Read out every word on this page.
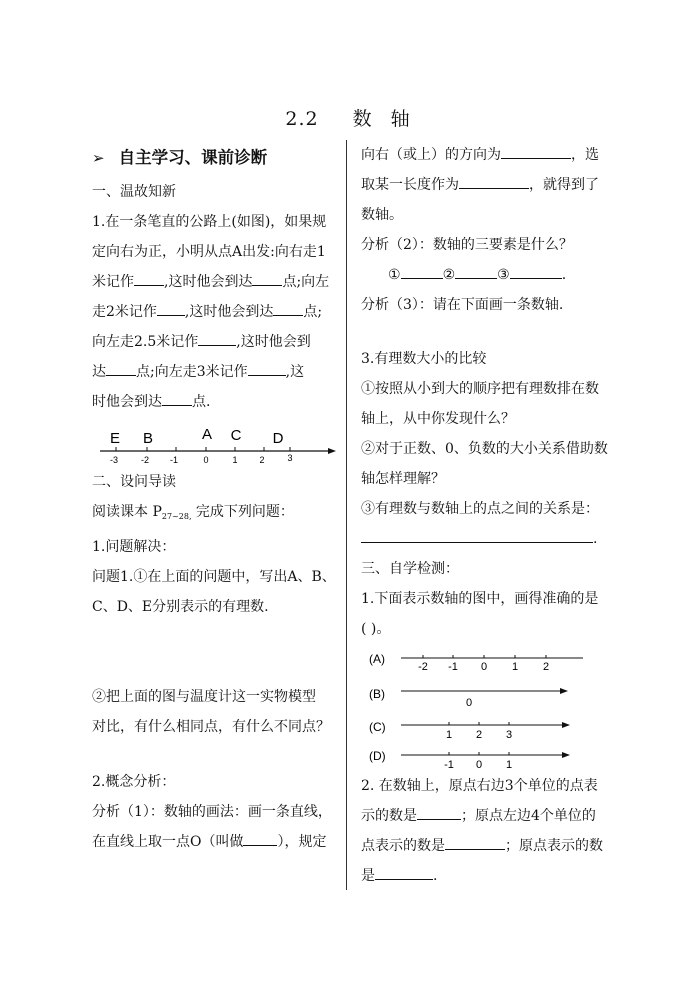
2.2 数 轴
➢ 自主学习、课前诊断
一、温故知新
1.在一条笔直的公路上(如图)，如果规
定向右为正，小明从点A出发:向右走1
米记作 ,这时他会到达 点;向左
走2米记作 ,这时他会到达 点;
向左走2.5米记作	,这时他会到
达 点;向左走3米记作	,这
时他会到达 点.
E B	A C D
-3	-2 -1	0	1 2	3
二、设问导读
阅读课本 $P_{27\sim 28,}$ 完成下列问题：
1.问题解决：
问题1.①在上面的问题中，写出A、B、
C、D、E分别表示的有理数.
②把上面的图与温度计这一实物模型
对比，有什么相同点，有什么不同点？
2.概念分析：
分析（1）：数轴的画法：画一条直线，
在直线上取一点O（叫做 ），规定
向右（或上）的方向为	，选
取某一长度作为	，就得到了
数轴。
分析（2）：数轴的三要素是什么？
①	②	③	.
分析（3）：请在下面画一条数轴.
3.有理数大小的比较
①按照从小到大的顺序把有理数排在数
轴上，从中你发现什么？
②对于正数、0、负数的大小关系借助数
轴怎样理解？
③有理数与数轴上的点之间的关系是：
.
三、自学检测：
1.下面表示数轴的图中，画得准确的是
( )。
(A)
-2 -1 0 1 2
(B)
0
(C)
1 2 3
(D)
-1 0 1
2. 在数轴上，原点右边3个单位的点表
示的数是	；原点左边4个单位的
点表示的数是	；原点表示的数
是	.
